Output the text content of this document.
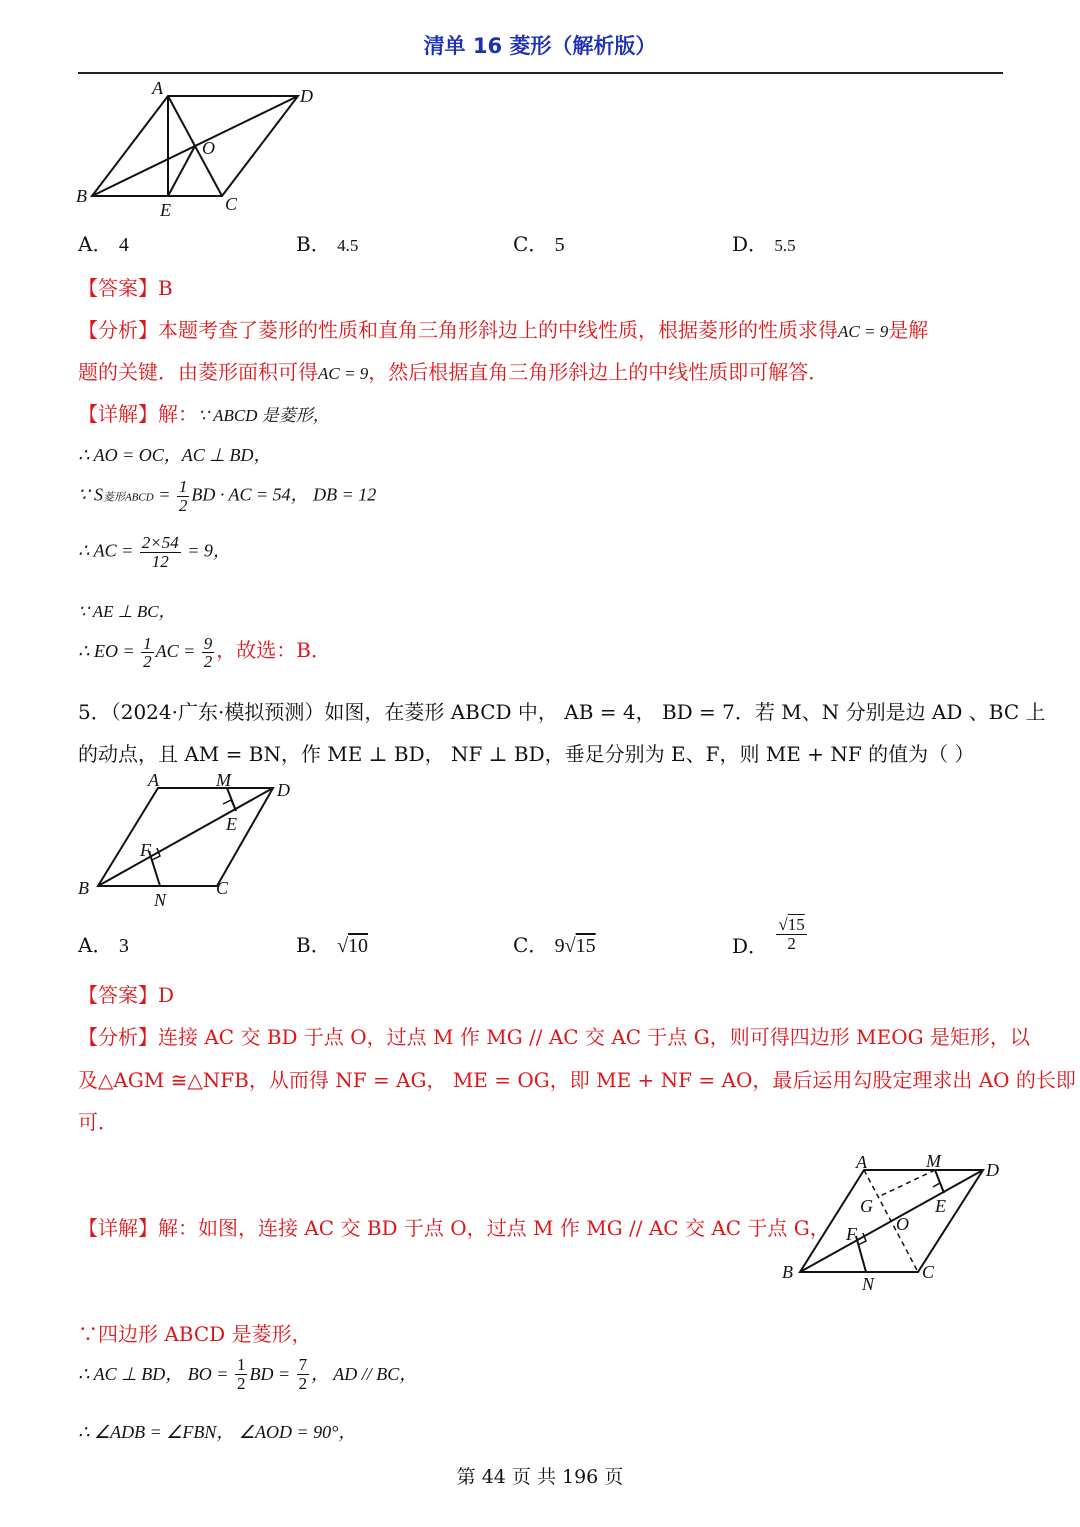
清单 16 菱形（解析版）
A	D
O
B
E	C
A． 4	B． 4.5	C． 5	D． 5.5
【答案】B
【分析】本题考查了菱形的性质和直角三角形斜边上的中线性质，根据菱形的性质求得AC = 9是解
题的关键．由菱形面积可得AC = 9，然后根据直角三角形斜边上的中线性质即可解答．
【详解】解：∵ ABCD 是菱形，
∴ AO = OC，AC ⊥ BD，
∵ S菱形ABCD = $\frac{1}{2}$ BD · AC = 54， DB = 12
∴ AC = $\frac{2\times 54}{12} = 9$，
∵ AE ⊥ BC，
∴ EO = $\frac{1}{2}$ AC = $\frac{9}{2}$ ，故选：B．
5．（2024·广东·模拟预测）如图，在菱形 ABCD 中， AB = 4， BD = 7．若 M、N 分别是边 AD 、BC 上
的动点，且 AM = BN，作 ME ⊥ BD， NF ⊥ BD，垂足分别为 E、F，则 ME + NF 的值为（ ）
A	M	D
E
F
B
N
C
A． 3	B． √10	C． 9√15	D． $\frac{√15}{2}$
【答案】D
【分析】连接 AC 交 BD 于点 O，过点 M 作 MG // AC 交 AC 于点 G，则可得四边形 MEOG 是矩形，以
及△AGM ≅△NFB，从而得 NF = AG， ME = OG，即 ME + NF = AO，最后运用勾股定理求出 AO 的长即
可．
【详解】解：如图，连接 AC 交 BD 于点 O，过点 M 作 MG // AC 交 AC 于点 G，
A	M	D
G	E
O
F
B
N
C
∵四边形 ABCD 是菱形，
∴ AC ⊥ BD， BO = $\frac{1}{2}$ BD = $\frac{7}{2}$ ， AD // BC，
∴ ∠ADB = ∠FBN， ∠AOD = 90°，
第 44 页 共 196 页
